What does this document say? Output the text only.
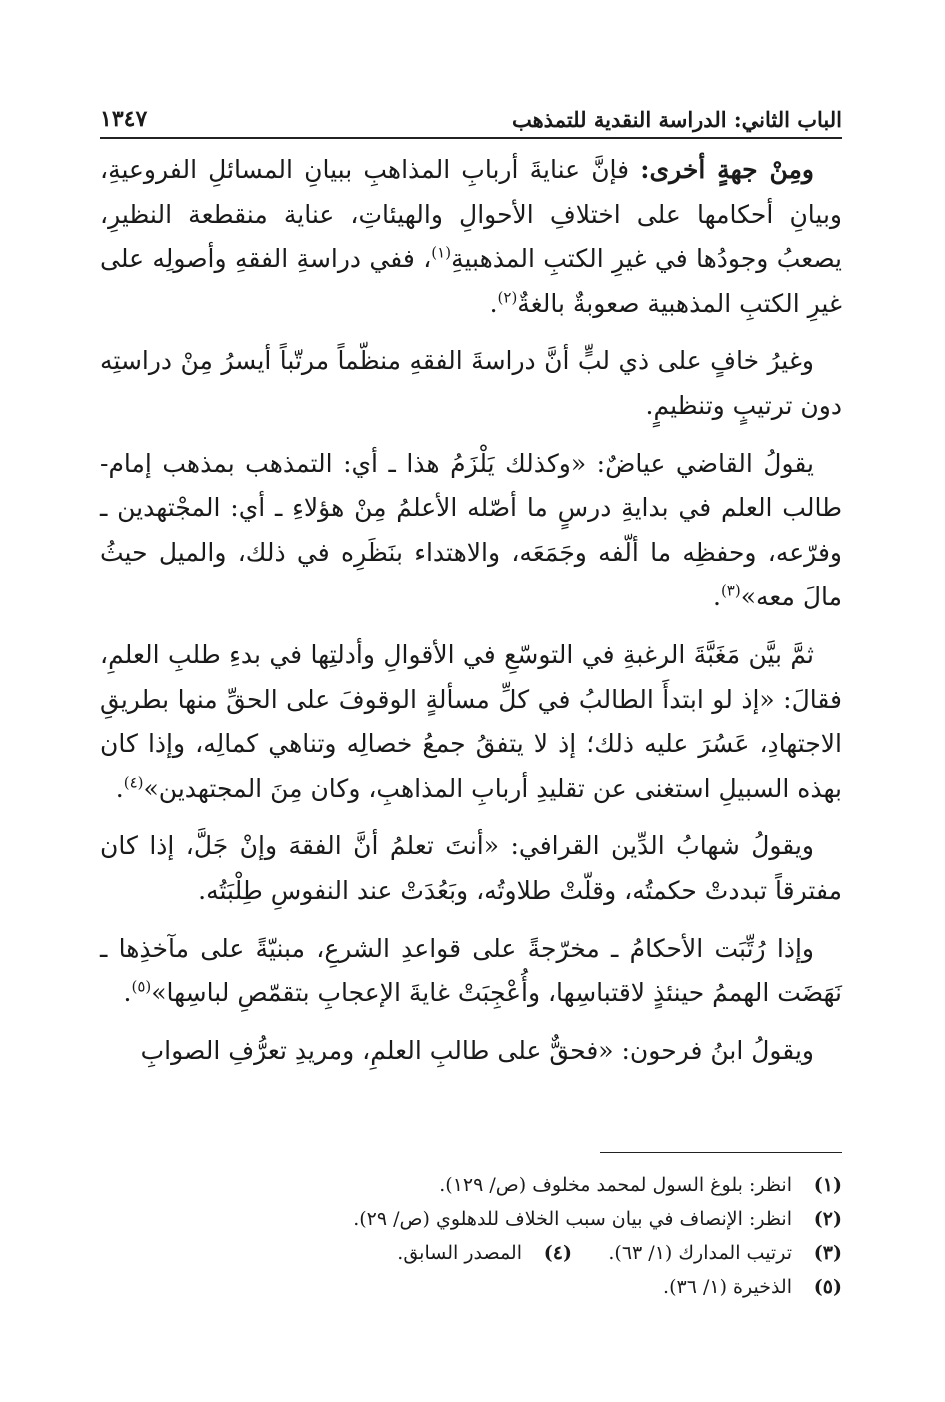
الباب الثاني: الدراسة النقدية للتمذهب
١٣٤٧

ومِنْ جهةٍ أخرى: فإنَّ عنايةَ أربابِ المذاهبِ ببيانِ المسائلِ الفروعيةِ، وبيانِ أحكامها على اختلافِ الأحوالِ والهيئاتِ، عناية منقطعة النظيرِ، يصعبُ وجودُها في غيرِ الكتبِ المذهبيةِ$^{(١)}$، ففي دراسةِ الفقهِ وأصولِه على غيرِ الكتبِ المذهبية صعوبةٌ بالغةٌ$^{(٢)}$.

وغيرُ خافٍ على ذي لبٍّ أنَّ دراسةَ الفقهِ منظّماً مرتّباً أيسرُ مِنْ دراستِه دون ترتيبٍ وتنظيمٍ.

يقولُ القاضي عياضٌ: «وكذلك يَلْزَمُ هذا ـ أي: التمذهب بمذهب إمام- طالب العلم في بدايةِ درسٍ ما أصّله الأعلمُ مِنْ هؤلاءِ ـ أي: المجْتهدين ـ وفرّعه، وحفظِه ما ألّفه وجَمَعَه، والاهتداء بنَظَرِه في ذلك، والميل حيثُ مالَ معه»$^{(٣)}$.

ثمَّ بيَّن مَغَبَّةَ الرغبةِ في التوسّعِ في الأقوالِ وأدلتِها في بدءِ طلبِ العلمِ، فقالَ: «إذ لو ابتدأَ الطالبُ في كلِّ مسألةٍ الوقوفَ على الحقِّ منها بطريقِ الاجتهادِ، عَسُرَ عليه ذلك؛ إذ لا يتفقُ جمعُ خصالِه وتناهي كمالِه، وإذا كان بهذه السبيلِ استغنى عن تقليدِ أربابِ المذاهبِ، وكان مِنَ المجتهدين»$^{(٤)}$.

ويقولُ شهابُ الدِّين القرافي: «أنتَ تعلمُ أنَّ الفقهَ وإنْ جَلَّ، إذا كان مفترقاً تبددتْ حكمتُه، وقلّتْ طلاوتُه، وبَعُدَتْ عند النفوسِ طِلْبَتُه.

وإذا رُتِّبَت الأحكامُ ـ مخرّجةً على قواعدِ الشرعِ، مبنيّةً على مآخذِها ـ نَهَضَت الهممُ حينئذٍ لاقتباسِها، وأُعْجِبَتْ غايةَ الإعجابِ بتقمّصِ لباسِها»$^{(٥)}$.

ويقولُ ابنُ فرحون: «فحقٌّ على طالبِ العلمِ، ومريدِ تعرُّفِ الصوابِ

(١)
انظر: بلوغ السول لمحمد مخلوف (ص/ ١٢٩).
(٢)
انظر: الإنصاف في بيان سبب الخلاف للدهلوي (ص/ ٢٩).
(٣)
ترتيب المدارك (١/ ٦٣).
(٤)
المصدر السابق.
(٥)
الذخيرة (١/ ٣٦).
